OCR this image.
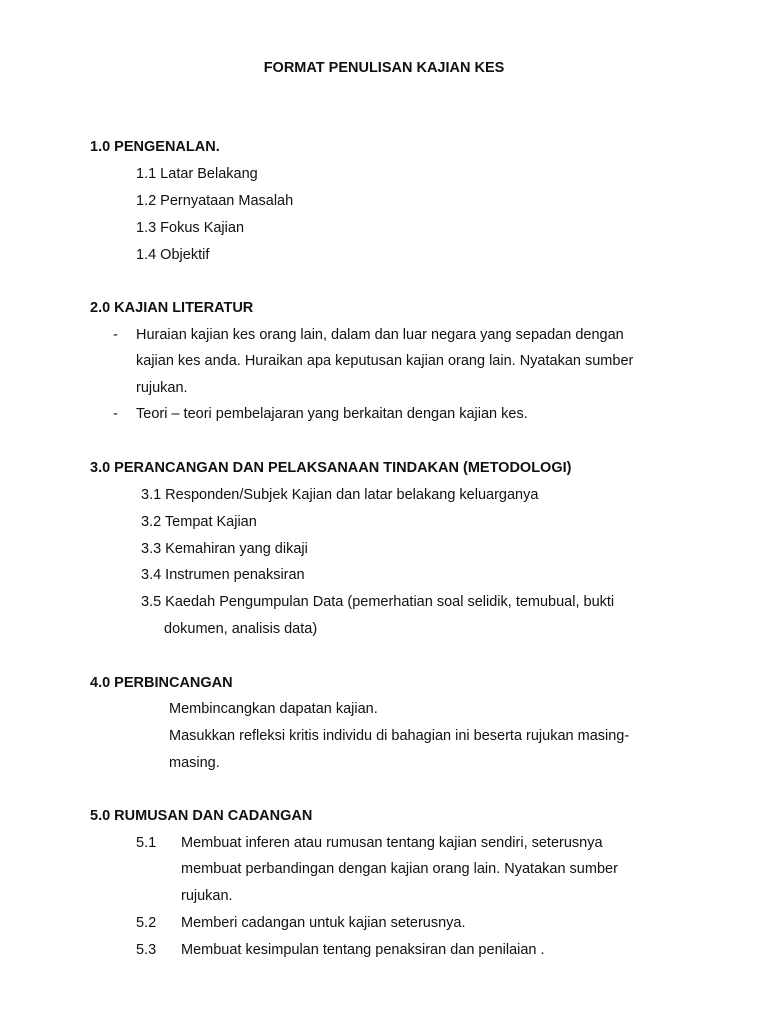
FORMAT PENULISAN KAJIAN KES
1.0 PENGENALAN.
1.1 Latar Belakang
1.2 Pernyataan Masalah
1.3 Fokus Kajian
1.4 Objektif
2.0 KAJIAN LITERATUR
- Huraian kajian kes orang lain, dalam dan luar negara yang sepadan dengan
kajian kes anda. Huraikan apa keputusan kajian orang lain. Nyatakan sumber
rujukan.
- Teori – teori pembelajaran yang berkaitan dengan kajian kes.
3.0 PERANCANGAN DAN PELAKSANAAN TINDAKAN (METODOLOGI)
3.1 Responden/Subjek Kajian dan latar belakang keluarganya
3.2 Tempat Kajian
3.3 Kemahiran yang dikaji
3.4 Instrumen penaksiran
3.5 Kaedah Pengumpulan Data (pemerhatian soal selidik, temubual, bukti
dokumen, analisis data)
4.0 PERBINCANGAN
Membincangkan dapatan kajian.
Masukkan refleksi kritis individu di bahagian ini beserta rujukan masing-
masing.
5.0 RUMUSAN DAN CADANGAN
5.1 Membuat inferen atau rumusan tentang kajian sendiri, seterusnya
membuat perbandingan dengan kajian orang lain. Nyatakan sumber
rujukan.
5.2 Memberi cadangan untuk kajian seterusnya.
5.3 Membuat kesimpulan tentang penaksiran dan penilaian .
